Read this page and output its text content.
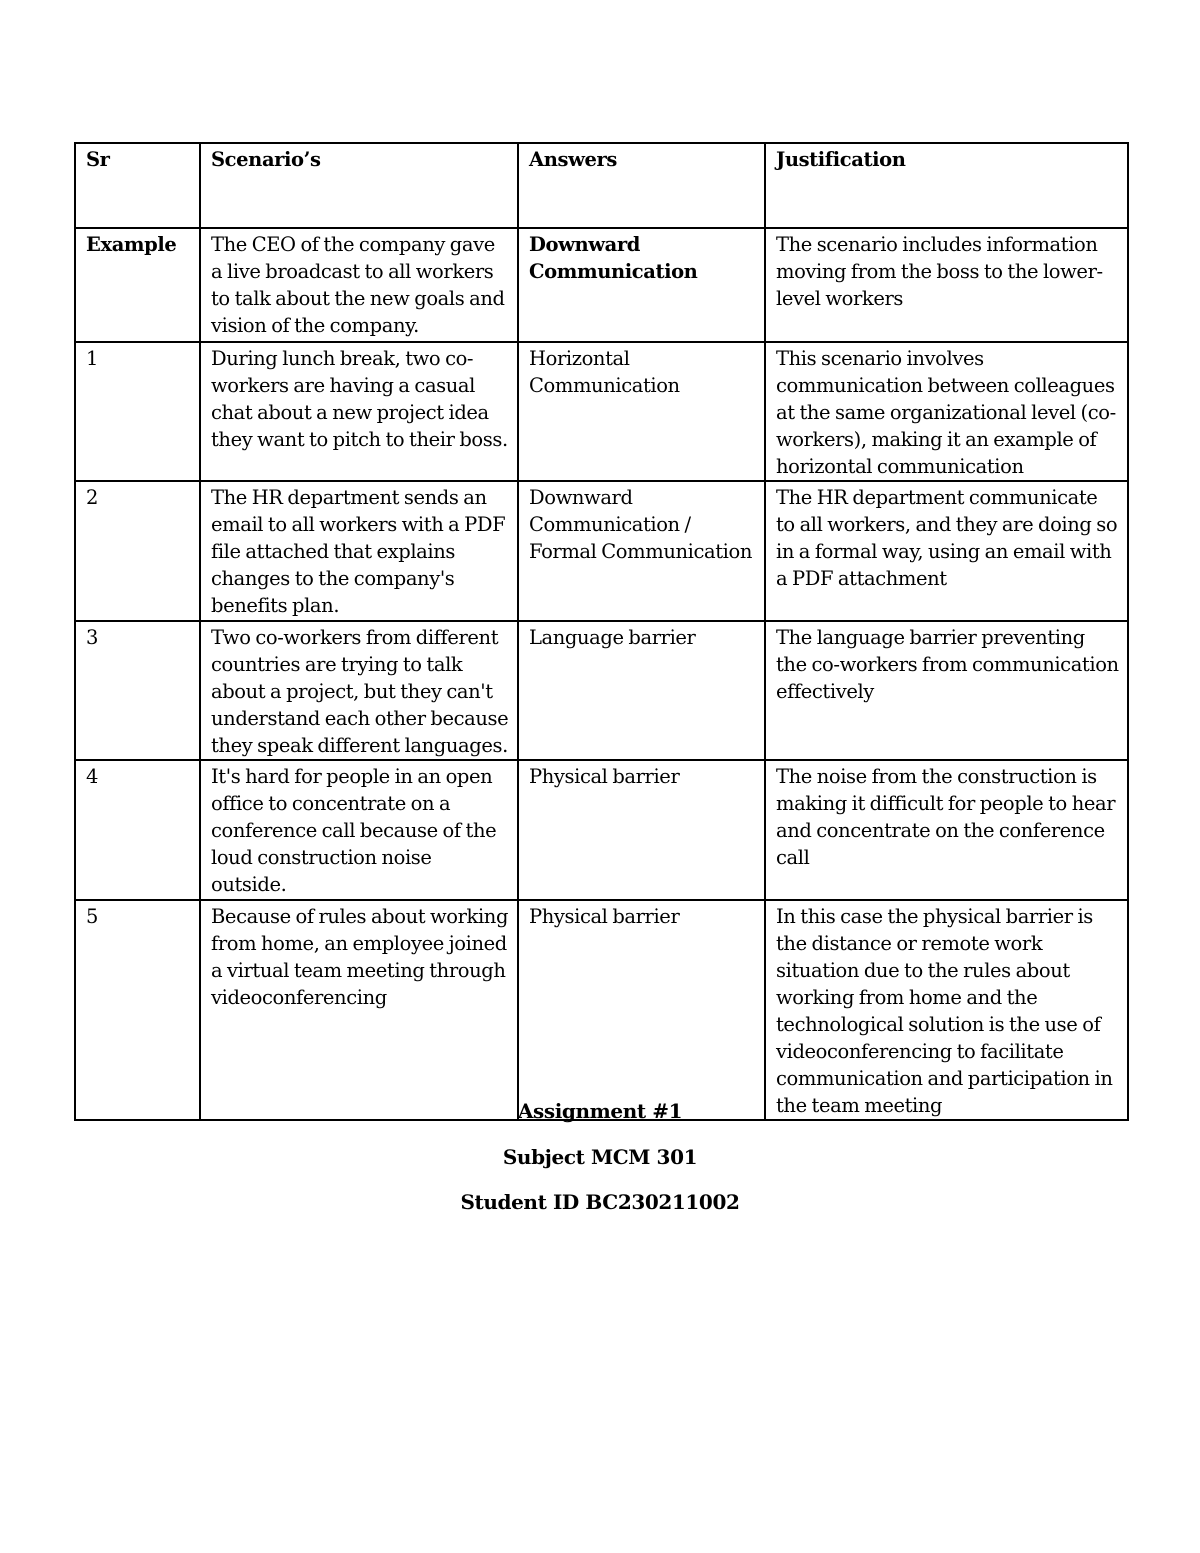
Sr	Scenario’s	Answers	Justification
Example	The CEO of the company gave a live broadcast to all workers to talk about the new goals and vision of the company.	Downward Communication	The scenario includes information moving from the boss to the lower-level workers
1	During lunch break, two co-workers are having a casual chat about a new project idea they want to pitch to their boss.	Horizontal Communication	This scenario involves communication between colleagues at the same organizational level (co-workers), making it an example of horizontal communication
2	The HR department sends an email to all workers with a PDF file attached that explains changes to the company's benefits plan.	Downward Communication / Formal Communication	The HR department communicate to all workers, and they are doing so in a formal way, using an email with a PDF attachment
3	Two co-workers from different countries are trying to talk about a project, but they can't understand each other because they speak different languages.	Language barrier	The language barrier preventing the co-workers from communication effectively
4	It's hard for people in an open office to concentrate on a conference call because of the loud construction noise outside.	Physical barrier	The noise from the construction is making it difficult for people to hear and concentrate on the conference call
5	Because of rules about working from home, an employee joined a virtual team meeting through videoconferencing	Physical barrier	In this case the physical barrier is the distance or remote work situation due to the rules about working from home and the technological solution is the use of videoconferencing to facilitate communication and participation in the team meeting
Assignment #1
Subject MCM 301
Student ID BC230211002
